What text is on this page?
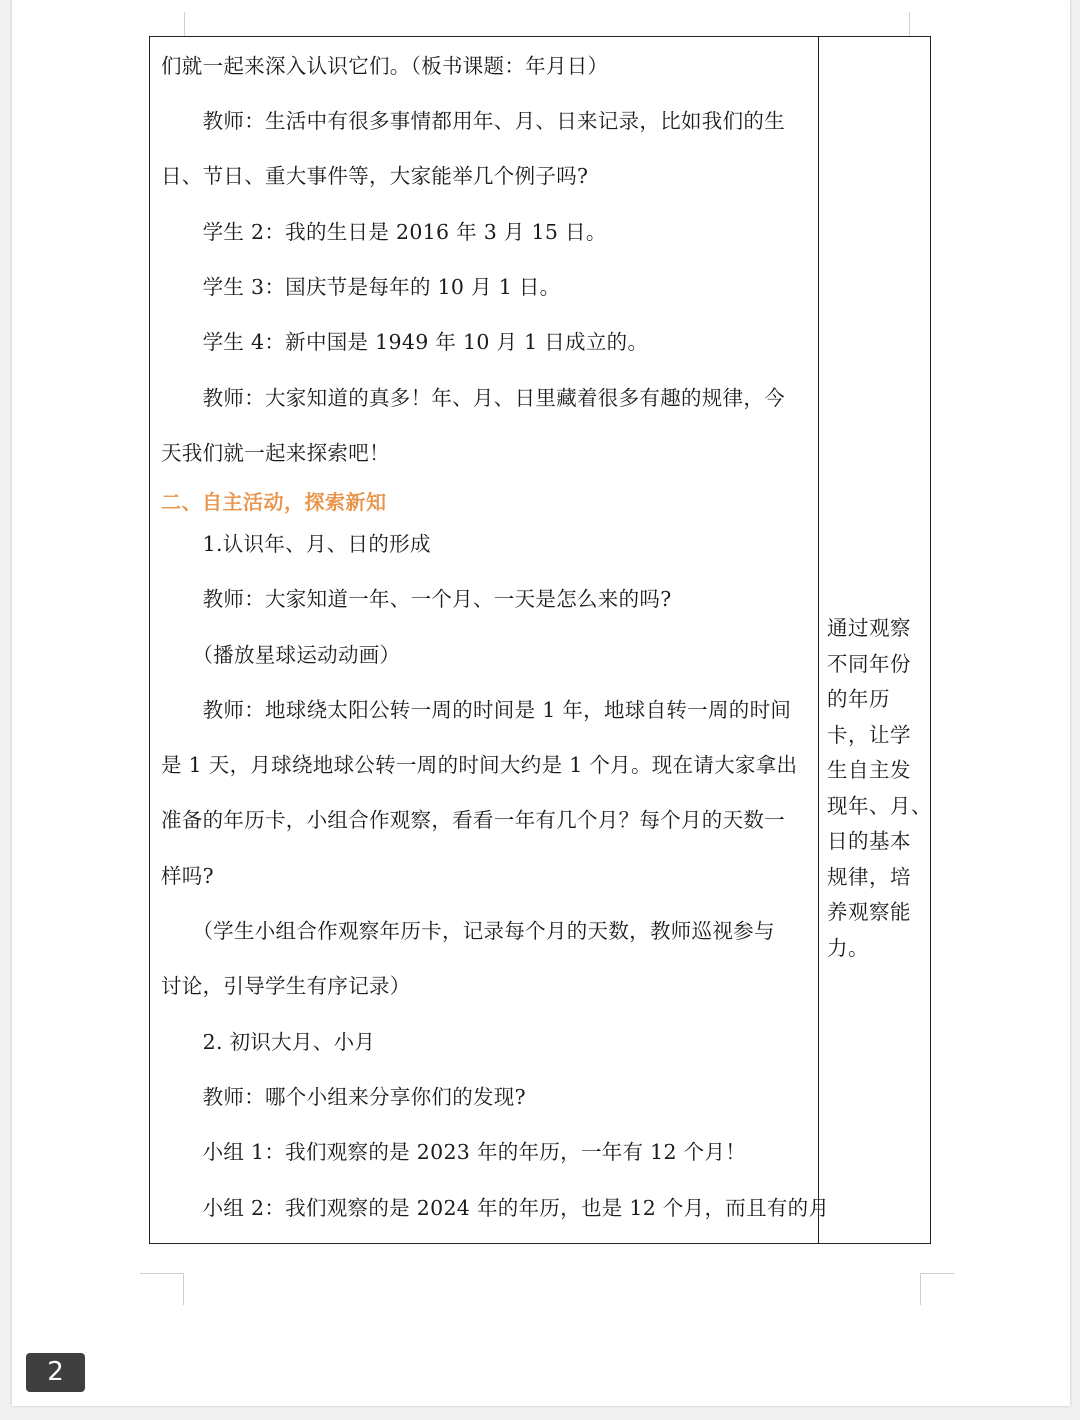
们就一起来深入认识它们。（板书课题：年月日）
　　教师：生活中有很多事情都用年、月、日来记录，比如我们的生
日、节日、重大事件等，大家能举几个例子吗?
　　学生 2：我的生日是 2016 年 3 月 15 日。
　　学生 3：国庆节是每年的 10 月 1 日。
　　学生 4：新中国是 1949 年 10 月 1 日成立的。
　　教师：大家知道的真多！年、月、日里藏着很多有趣的规律，今
天我们就一起来探索吧！
二、自主活动，探索新知
　　1.认识年、月、日的形成
　　教师：大家知道一年、一个月、一天是怎么来的吗?
　　（播放星球运动动画）
　　教师：地球绕太阳公转一周的时间是 1 年，地球自转一周的时间
是 1 天，月球绕地球公转一周的时间大约是 1 个月。现在请大家拿出
准备的年历卡，小组合作观察，看看一年有几个月？每个月的天数一
样吗?
　　（学生小组合作观察年历卡，记录每个月的天数，教师巡视参与
讨论，引导学生有序记录）
　　2. 初识大月、小月
　　教师：哪个小组来分享你们的发现?
　　小组 1：我们观察的是 2023 年的年历，一年有 12 个月！
　　小组 2：我们观察的是 2024 年的年历，也是 12 个月，而且有的月
通过观察
不同年份
的年历
卡，让学
生自主发
现年、月、
日的基本
规律，培
养观察能
力。
2
